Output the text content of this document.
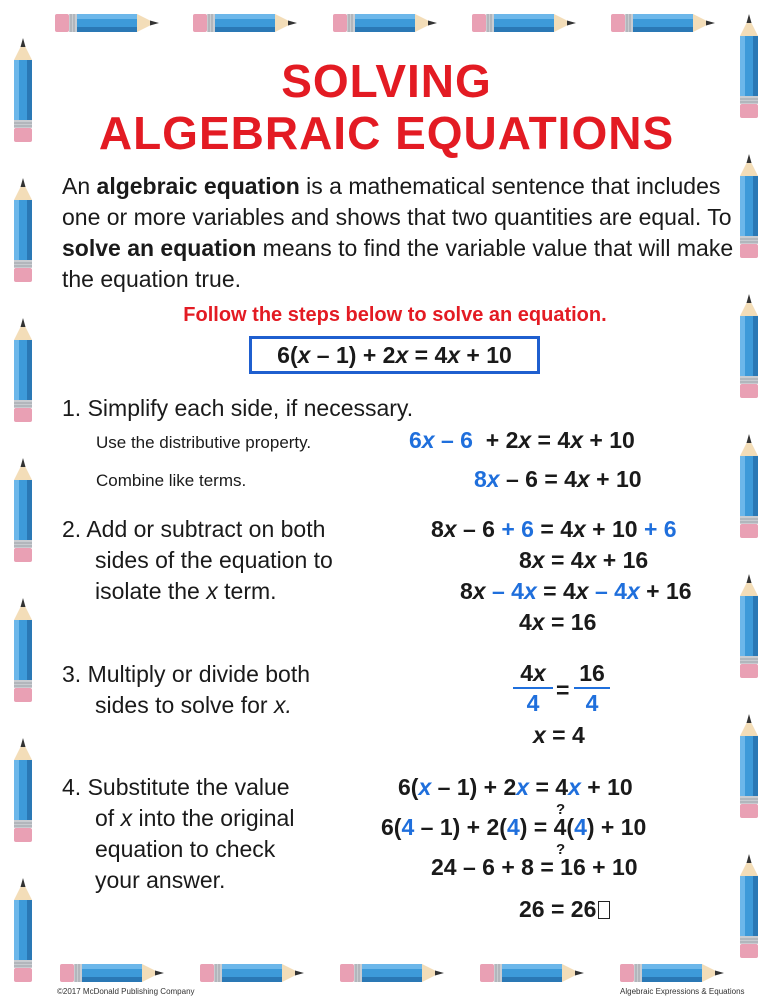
SOLVING
ALGEBRAIC EQUATIONS
An algebraic equation is a mathematical sentence that includes one or more variables and shows that two quantities are equal. To solve an equation means to find the variable value that will make the equation true.
Follow the steps below to solve an equation.
6(x – 1) + 2x = 4x + 10
1. Simplify each side, if necessary.
Use the distributive property.
Combine like terms.
6x – 6  + 2x = 4x + 10
8x – 6 = 4x + 10
2. Add or subtract on both
sides of the equation to
isolate the x term.
8x – 6 + 6 = 4x + 10 + 6
8x = 4x + 16
8x – 4x = 4x – 4x + 16
4x = 16
3. Multiply or divide both
sides to solve for x.	$\frac{4x}{4} = \frac{16}{4}$
x = 4
4. Substitute the value
of x into the original
equation to check
your answer.
6(x – 1) + 2x = 4x + 10
?
6(4 – 1) + 2(4) = 4(4) + 10
?
24 – 6 + 8 = 16 + 10
26 = 26
©2017 McDonald Publishing Company	Algebraic Expressions & Equations
